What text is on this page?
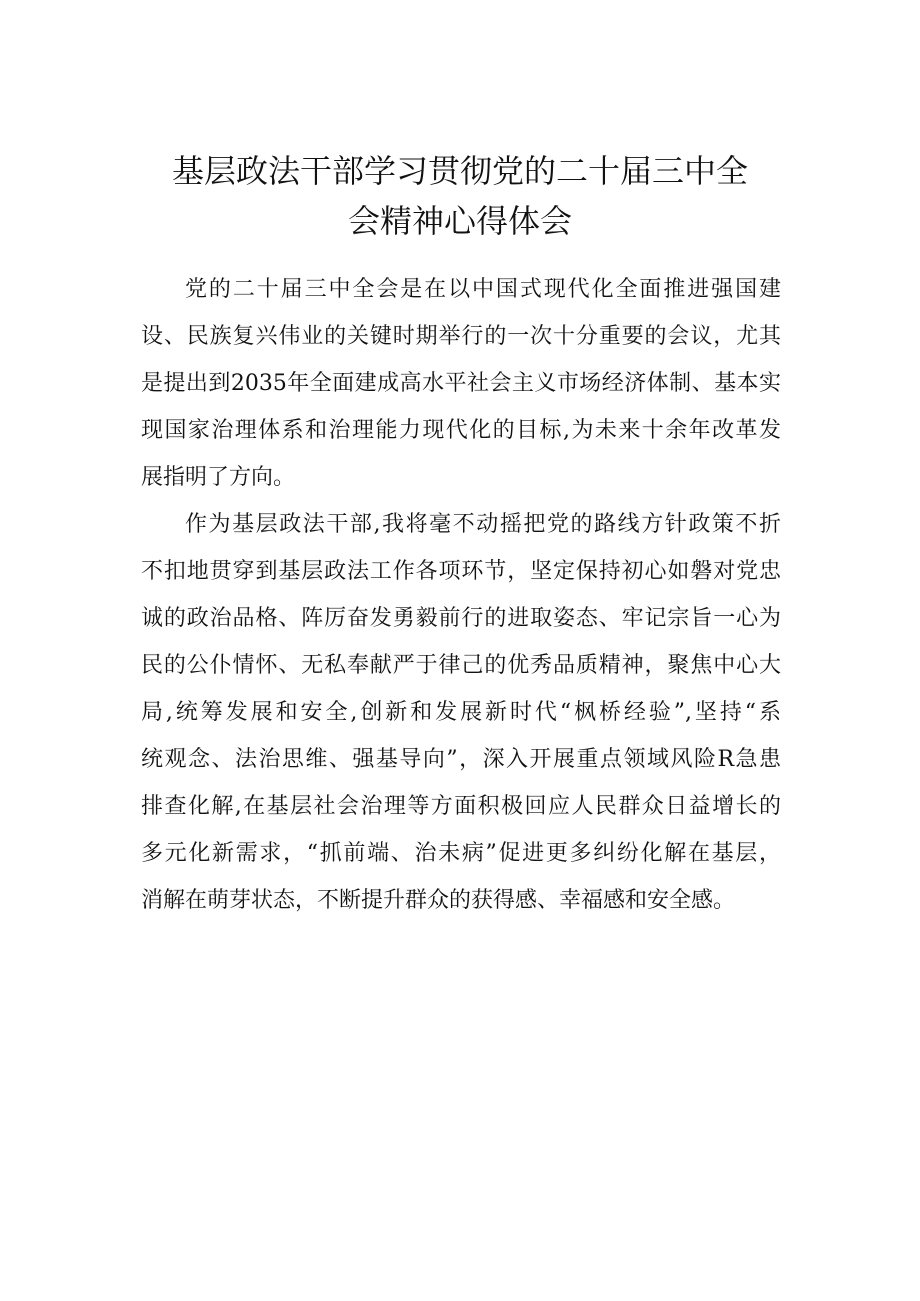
基层政法干部学习贯彻党的二十届三中全
会精神心得体会
党的二十届三中全会是在以中国式现代化全面推进强国建
设、民族复兴伟业的关键时期举行的一次十分重要的会议，尤其
是提出到2035年全面建成高水平社会主义市场经济体制、基本实
现国家治理体系和治理能力现代化的目标,为未来十余年改革发
展指明了方向。
作为基层政法干部,我将毫不动摇把党的路线方针政策不折
不扣地贯穿到基层政法工作各项环节，坚定保持初心如磐对党忠
诚的政治品格、阵厉奋发勇毅前行的进取姿态、牢记宗旨一心为
民的公仆情怀、无私奉献严于律己的优秀品质精神，聚焦中心大
局,统筹发展和安全,创新和发展新时代“枫桥经验”,坚持“系
统观念、法治思维、强基导向”，深入开展重点领域风险R急患
排查化解,在基层社会治理等方面积极回应人民群众日益增长的
多元化新需求，“抓前端、治未病”促进更多纠纷化解在基层，
消解在萌芽状态，不断提升群众的获得感、幸福感和安全感。
